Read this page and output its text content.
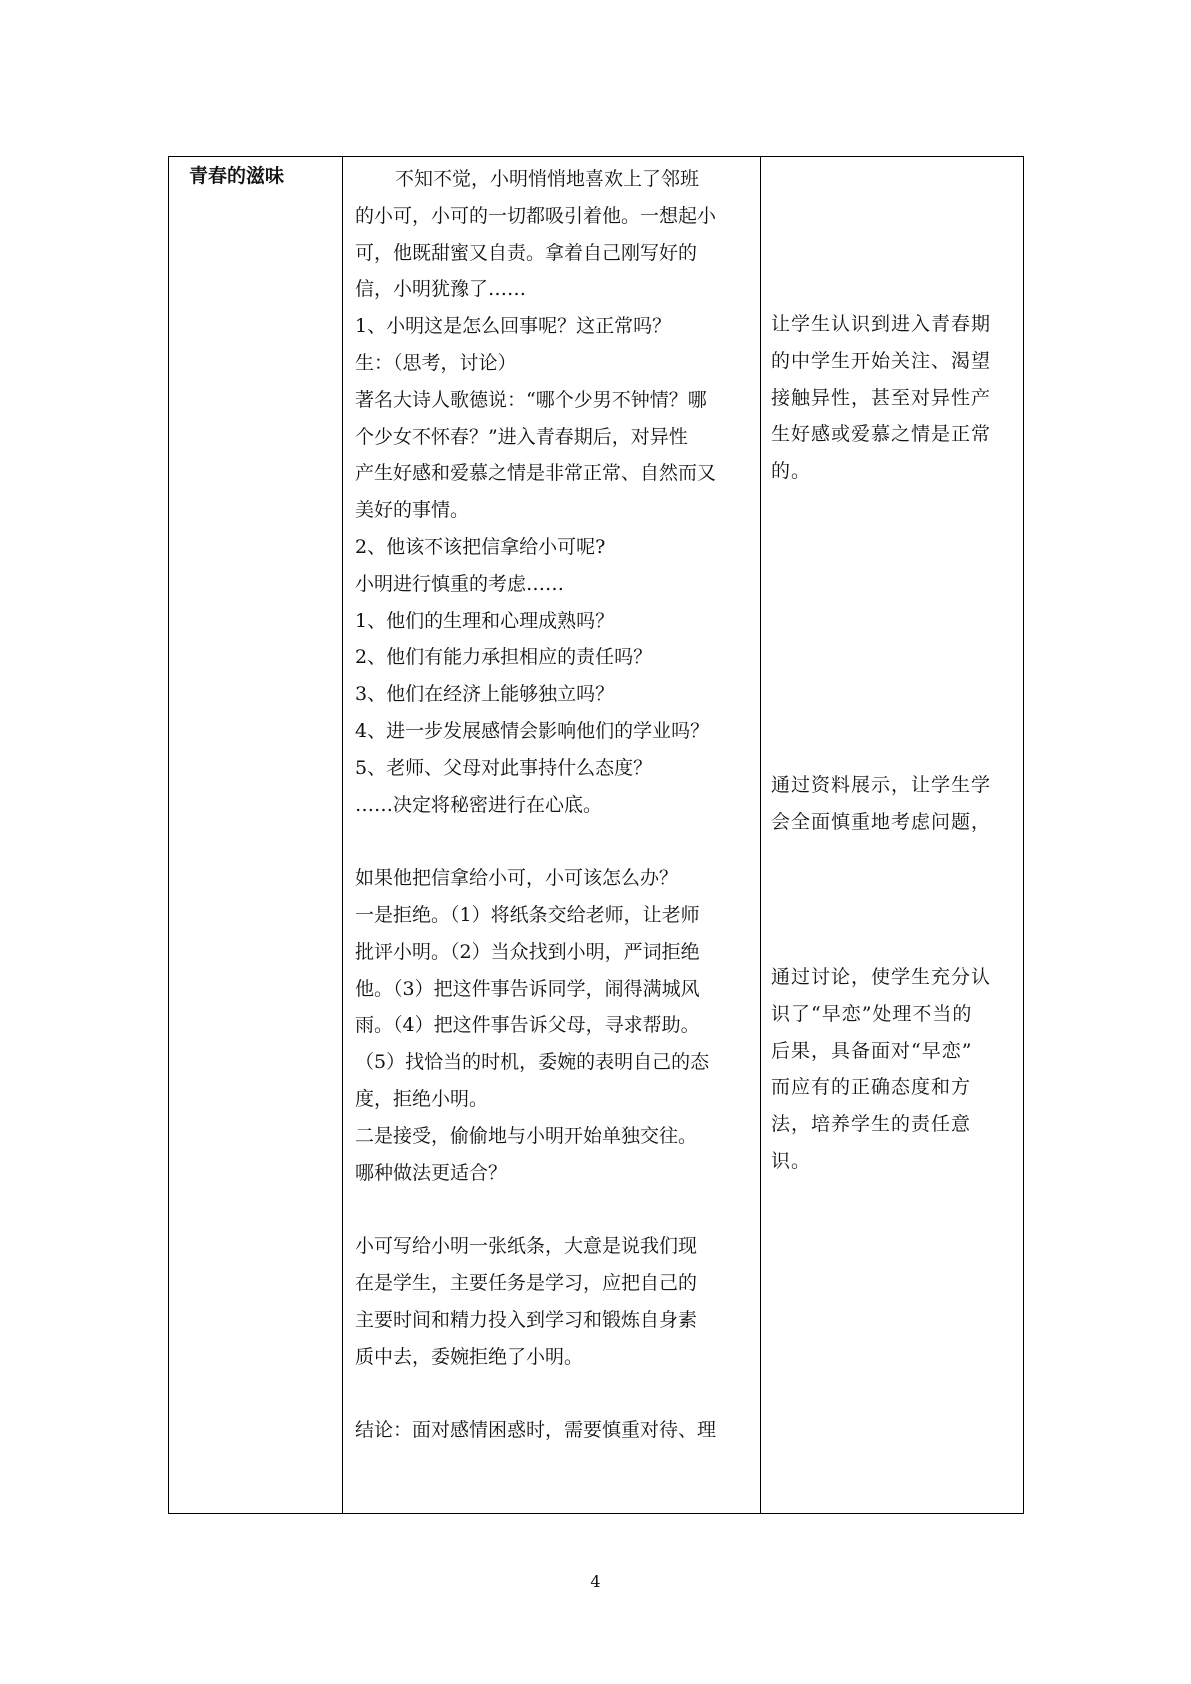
青春的滋味	不知不觉，小明悄悄地喜欢上了邻班
的小可，小可的一切都吸引着他。一想起小
可，他既甜蜜又自责。拿着自己刚写好的
信，小明犹豫了……
1、小明这是怎么回事呢？这正常吗？
生：（思考，讨论）
著名大诗人歌德说：“哪个少男不钟情？哪
个少女不怀春？”进入青春期后，对异性
产生好感和爱慕之情是非常正常、自然而又
美好的事情。
2、他该不该把信拿给小可呢?
小明进行慎重的考虑……
1、他们的生理和心理成熟吗？
2、他们有能力承担相应的责任吗？
3、他们在经济上能够独立吗？
4、进一步发展感情会影响他们的学业吗？
5、老师、父母对此事持什么态度？
……决定将秘密进行在心底。
如果他把信拿给小可，小可该怎么办？
一是拒绝。（1）将纸条交给老师，让老师
批评小明。（2）当众找到小明，严词拒绝
他。（3）把这件事告诉同学，闹得满城风
雨。（4）把这件事告诉父母，寻求帮助。
（5）找恰当的时机，委婉的表明自己的态
度，拒绝小明。
二是接受，偷偷地与小明开始单独交往。
哪种做法更适合？
小可写给小明一张纸条，大意是说我们现
在是学生，主要任务是学习，应把自己的
主要时间和精力投入到学习和锻炼自身素
质中去，委婉拒绝了小明。
结论：面对感情困惑时，需要慎重对待、理
让学生认识到进入青春期
的中学生开始关注、渴望
接触异性，甚至对异性产
生好感或爱慕之情是正常
的。
通过资料展示，让学生学
会全面慎重地考虑问题，
通过讨论，使学生充分认
识了“早恋”处理不当的
后果，具备面对“早恋”
而应有的正确态度和方
法，培养学生的责任意
识。
4
